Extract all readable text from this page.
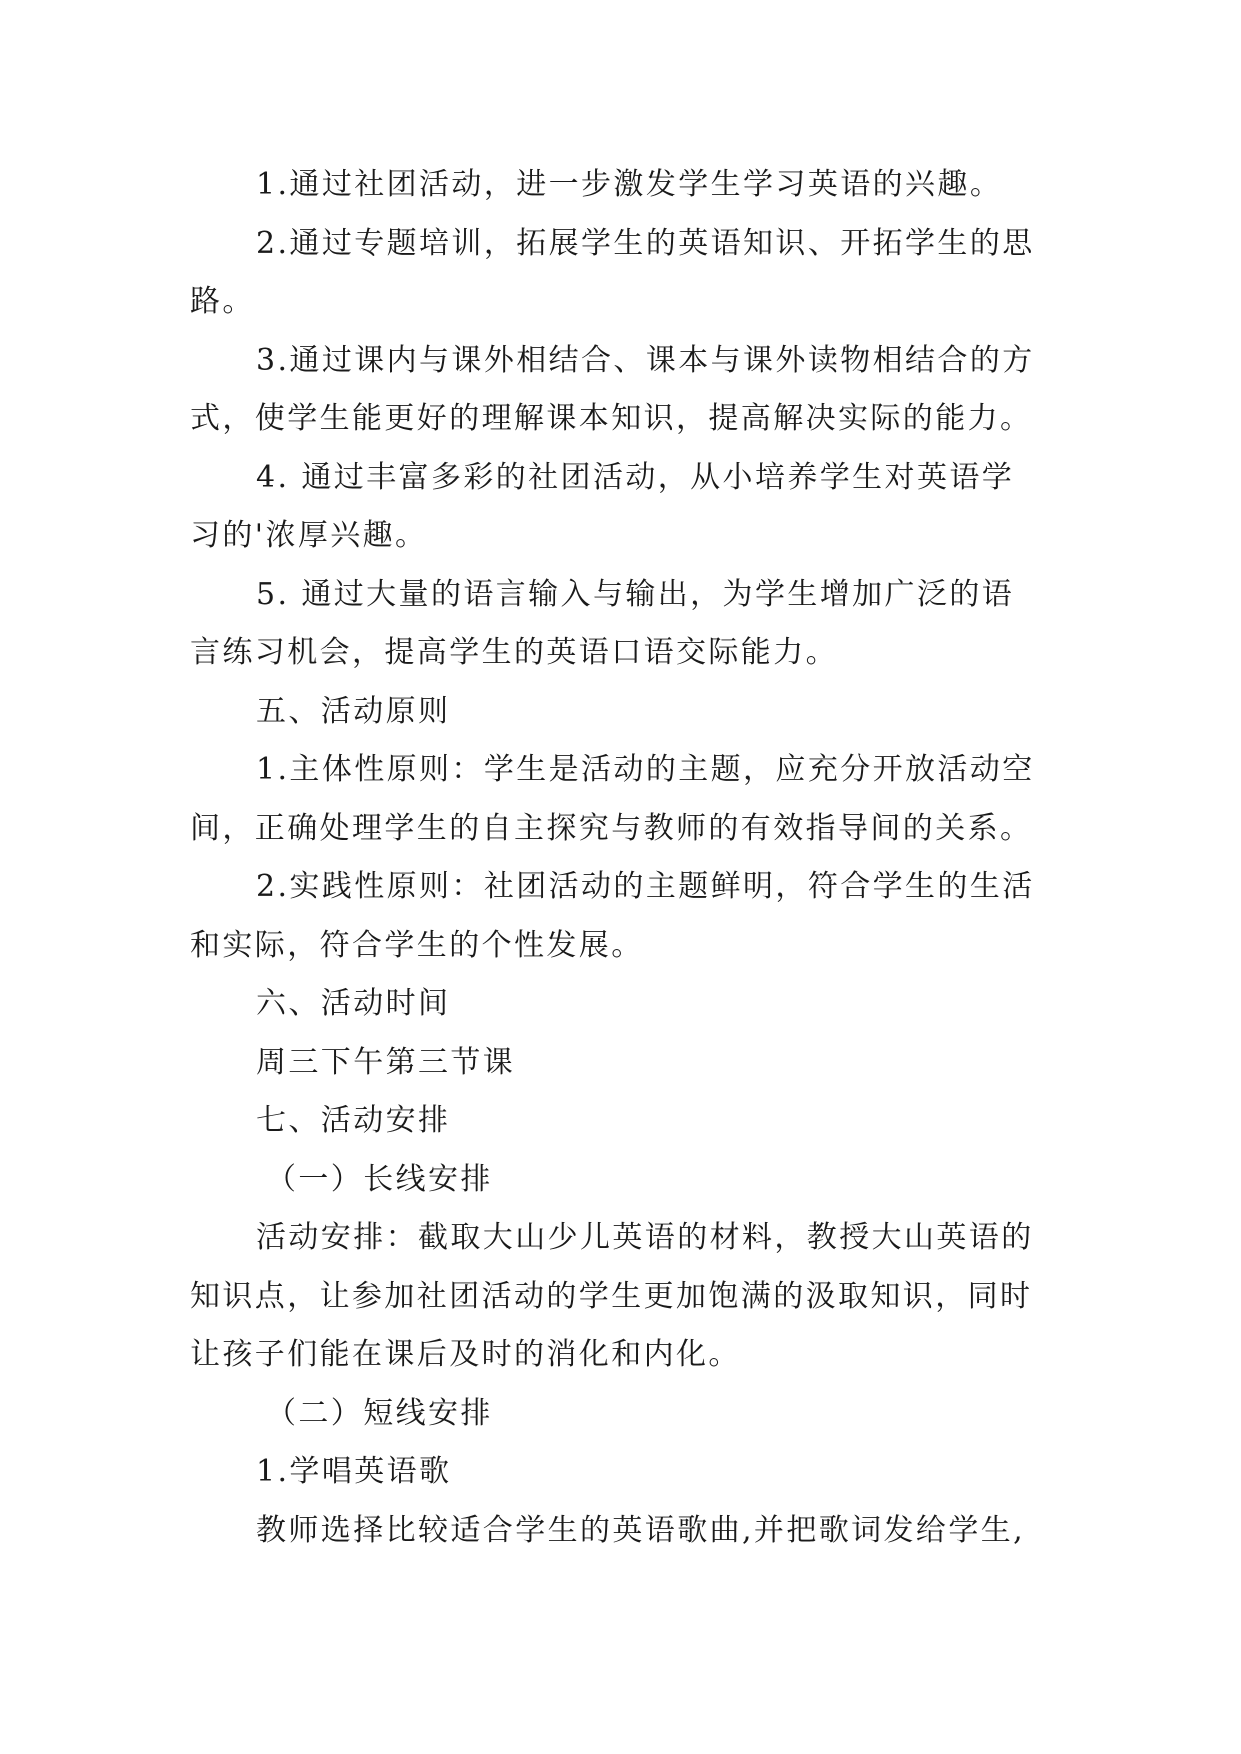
1.通过社团活动，进一步激发学生学习英语的兴趣。
2.通过专题培训，拓展学生的英语知识、开拓学生的思
路。
3.通过课内与课外相结合、课本与课外读物相结合的方
式，使学生能更好的理解课本知识，提高解决实际的能力。
4. 通过丰富多彩的社团活动，从小培养学生对英语学
习的'浓厚兴趣。
5. 通过大量的语言输入与输出，为学生增加广泛的语
言练习机会，提高学生的英语口语交际能力。
五、活动原则
1.主体性原则：学生是活动的主题，应充分开放活动空
间，正确处理学生的自主探究与教师的有效指导间的关系。
2.实践性原则：社团活动的主题鲜明，符合学生的生活
和实际，符合学生的个性发展。
六、活动时间
周三下午第三节课
七、活动安排
（一）长线安排
活动安排：截取大山少儿英语的材料，教授大山英语的
知识点，让参加社团活动的学生更加饱满的汲取知识，同时
让孩子们能在课后及时的消化和内化。
（二）短线安排
1.学唱英语歌
教师选择比较适合学生的英语歌曲,并把歌词发给学生,
